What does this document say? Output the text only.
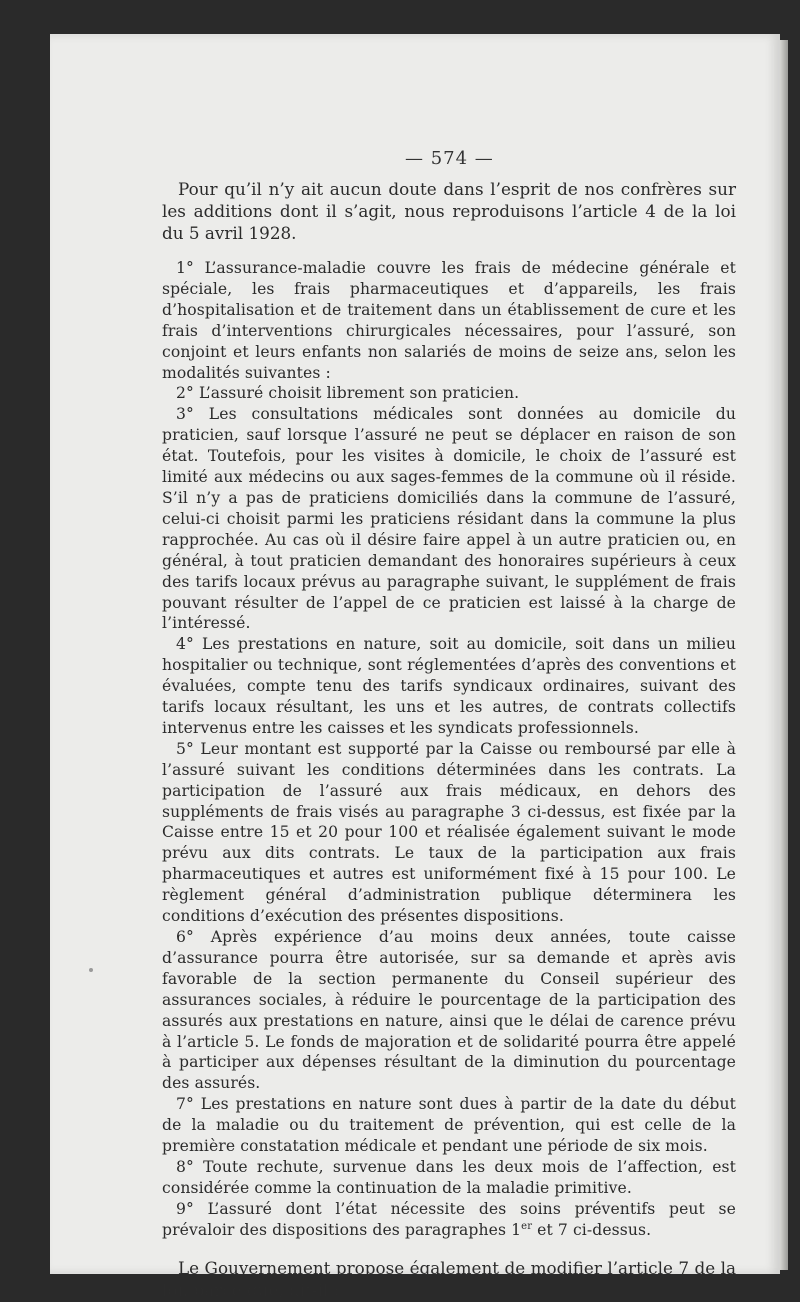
— 574 —

Pour qu’il n’y ait aucun doute dans l’esprit de nos confrères sur les additions dont il s’agit, nous reproduisons l’article 4 de la loi du 5 avril 1928.

1° L’assurance-maladie couvre les frais de médecine générale et spéciale, les frais pharmaceutiques et d’appareils, les frais d’hospitalisation et de traitement dans un établissement de cure et les frais d’interventions chirurgicales nécessaires, pour l’assuré, son conjoint et leurs enfants non salariés de moins de seize ans, selon les modalités suivantes :

2° L’assuré choisit librement son praticien.

3° Les consultations médicales sont données au domicile du praticien, sauf lorsque l’assuré ne peut se déplacer en raison de son état. Toutefois, pour les visites à domicile, le choix de l’assuré est limité aux médecins ou aux sages-femmes de la commune où il réside. S’il n’y a pas de praticiens domiciliés dans la commune de l’assuré, celui-ci choisit parmi les praticiens résidant dans la commune la plus rapprochée. Au cas où il désire faire appel à un autre praticien ou, en général, à tout praticien demandant des honoraires supérieurs à ceux des tarifs locaux prévus au paragraphe suivant, le supplément de frais pouvant résulter de l’appel de ce praticien est laissé à la charge de l’intéressé.

4° Les prestations en nature, soit au domicile, soit dans un milieu hospitalier ou technique, sont réglementées d’après des conventions et évaluées, compte tenu des tarifs syndicaux ordinaires, suivant des tarifs locaux résultant, les uns et les autres, de contrats collectifs intervenus entre les caisses et les syndicats professionnels.

5° Leur montant est supporté par la Caisse ou remboursé par elle à l’assuré suivant les conditions déterminées dans les contrats. La participation de l’assuré aux frais médicaux, en dehors des suppléments de frais visés au paragraphe 3 ci-dessus, est fixée par la Caisse entre 15 et 20 pour 100 et réalisée également suivant le mode prévu aux dits contrats. Le taux de la participation aux frais pharmaceutiques et autres est uniformément fixé à 15 pour 100. Le règlement général d’administration publique déterminera les conditions d’exécution des présentes dispositions.

6° Après expérience d’au moins deux années, toute caisse d’assurance pourra être autorisée, sur sa demande et après avis favorable de la section permanente du Conseil supérieur des assurances sociales, à réduire le pourcentage de la participation des assurés aux prestations en nature, ainsi que le délai de carence prévu à l’article 5. Le fonds de majoration et de solidarité pourra être appelé à participer aux dépenses résultant de la diminution du pourcentage des assurés.

7° Les prestations en nature sont dues à partir de la date du début de la maladie ou du traitement de prévention, qui est celle de la première constatation médicale et pendant une période de six mois.

8° Toute rechute, survenue dans les deux mois de l’affection, est considérée comme la continuation de la maladie primitive.

9° L’assuré dont l’état nécessite des soins préventifs peut se prévaloir des dispositions des paragraphes 1er et 7 ci-dessus.

Le Gouvernement propose également de modifier l’article 7 de la loi, parce que, dit-il :
